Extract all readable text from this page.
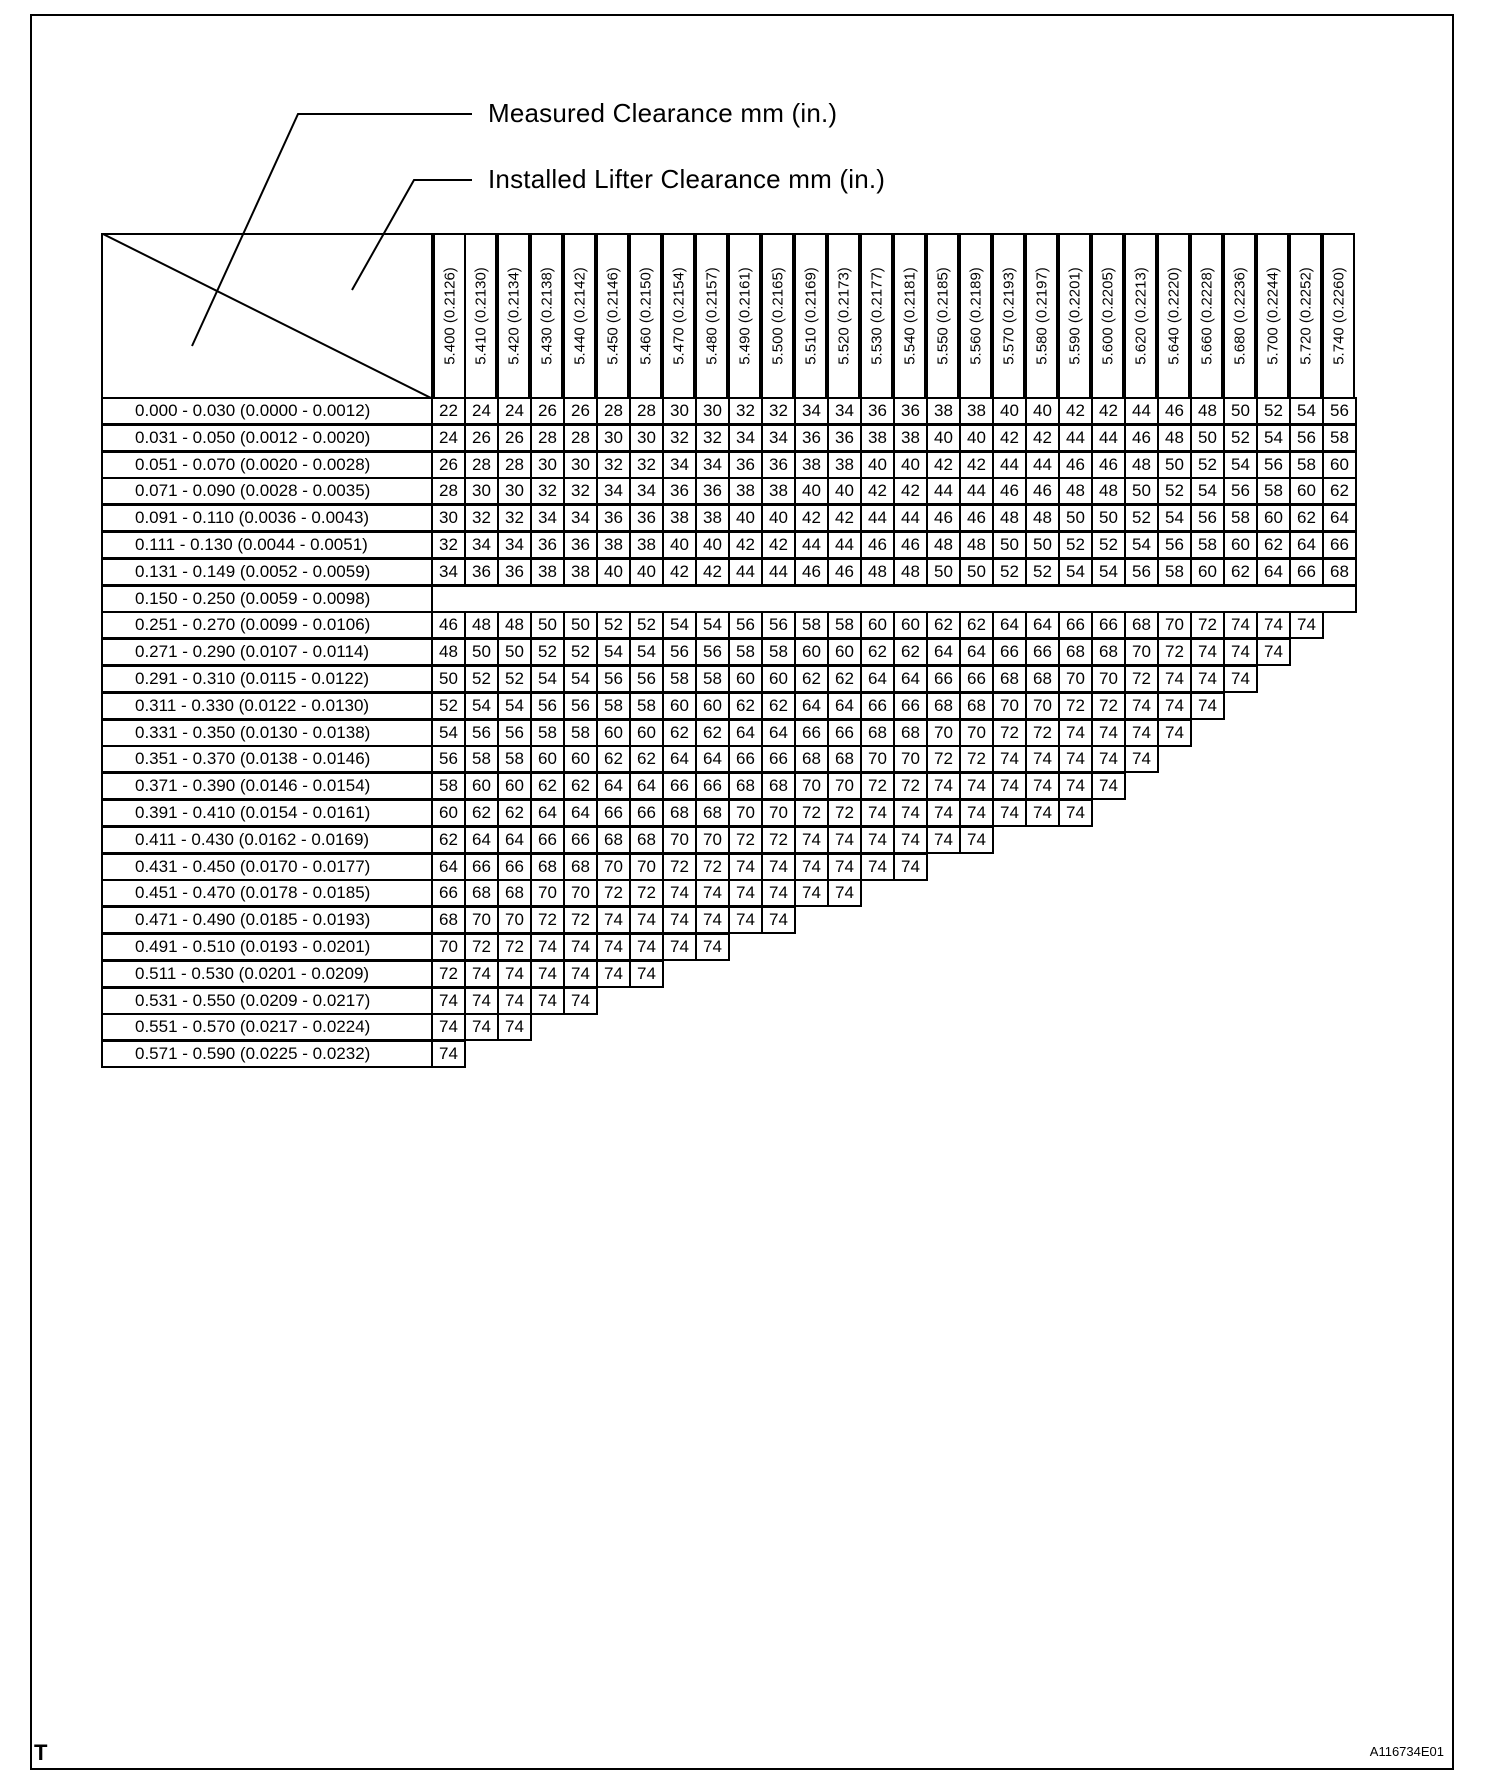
Measured Clearance mm (in.)
Installed Lifter Clearance mm (in.)
5.400 (0.2126) 5.410 (0.2130) 5.420 (0.2134) 5.430 (0.2138) 5.440 (0.2142) 5.450 (0.2146) 5.460 (0.2150) 5.470 (0.2154) 5.480 (0.2157) 5.490 (0.2161) 5.500 (0.2165) 5.510 (0.2169) 5.520 (0.2173) 5.530 (0.2177) 5.540 (0.2181) 5.550 (0.2185) 5.560 (0.2189) 5.570 (0.2193) 5.580 (0.2197) 5.590 (0.2201) 5.600 (0.2205) 5.620 (0.2213) 5.640 (0.2220) 5.660 (0.2228) 5.680 (0.2236) 5.700 (0.2244) 5.720 (0.2252) 5.740 (0.2260)
0.000 - 0.030 (0.0000 - 0.0012)	22 24 24 26 26 28 28 30 30 32 32 34 34 36 36 38 38 40 40 42 42 44 46 48 50 52 54 56
0.031 - 0.050 (0.0012 - 0.0020)	24 26 26 28 28 30 30 32 32 34 34 36 36 38 38 40 40 42 42 44 44 46 48 50 52 54 56 58
0.051 - 0.070 (0.0020 - 0.0028)	26 28 28 30 30 32 32 34 34 36 36 38 38 40 40 42 42 44 44 46 46 48 50 52 54 56 58 60
0.071 - 0.090 (0.0028 - 0.0035)	28 30 30 32 32 34 34 36 36 38 38 40 40 42 42 44 44 46 46 48 48 50 52 54 56 58 60 62
0.091 - 0.110 (0.0036 - 0.0043)	30 32 32 34 34 36 36 38 38 40 40 42 42 44 44 46 46 48 48 50 50 52 54 56 58 60 62 64
0.111 - 0.130 (0.0044 - 0.0051)	32 34 34 36 36 38 38 40 40 42 42 44 44 46 46 48 48 50 50 52 52 54 56 58 60 62 64 66
0.131 - 0.149 (0.0052 - 0.0059)	34 36 36 38 38 40 40 42 42 44 44 46 46 48 48 50 50 52 52 54 54 56 58 60 62 64 66 68
0.150 - 0.250 (0.0059 - 0.0098)
0.251 - 0.270 (0.0099 - 0.0106)	46 48 48 50 50 52 52 54 54 56 56 58 58 60 60 62 62 64 64 66 66 68 70 72 74 74 74
0.271 - 0.290 (0.0107 - 0.0114)	48 50 50 52 52 54 54 56 56 58 58 60 60 62 62 64 64 66 66 68 68 70 72 74 74 74
0.291 - 0.310 (0.0115 - 0.0122)	50 52 52 54 54 56 56 58 58 60 60 62 62 64 64 66 66 68 68 70 70 72 74 74 74
0.311 - 0.330 (0.0122 - 0.0130)	52 54 54 56 56 58 58 60 60 62 62 64 64 66 66 68 68 70 70 72 72 74 74 74
0.331 - 0.350 (0.0130 - 0.0138)	54 56 56 58 58 60 60 62 62 64 64 66 66 68 68 70 70 72 72 74 74 74 74
0.351 - 0.370 (0.0138 - 0.0146)	56 58 58 60 60 62 62 64 64 66 66 68 68 70 70 72 72 74 74 74 74 74
0.371 - 0.390 (0.0146 - 0.0154)	58 60 60 62 62 64 64 66 66 68 68 70 70 72 72 74 74 74 74 74 74
0.391 - 0.410 (0.0154 - 0.0161)	60 62 62 64 64 66 66 68 68 70 70 72 72 74 74 74 74 74 74 74
0.411 - 0.430 (0.0162 - 0.0169)	62 64 64 66 66 68 68 70 70 72 72 74 74 74 74 74 74
0.431 - 0.450 (0.0170 - 0.0177)	64 66 66 68 68 70 70 72 72 74 74 74 74 74 74
0.451 - 0.470 (0.0178 - 0.0185)	66 68 68 70 70 72 72 74 74 74 74 74 74
0.471 - 0.490 (0.0185 - 0.0193)	68 70 70 72 72 74 74 74 74 74 74
0.491 - 0.510 (0.0193 - 0.0201)	70 72 72 74 74 74 74 74 74
0.511 - 0.530 (0.0201 - 0.0209)	72 74 74 74 74 74 74
0.531 - 0.550 (0.0209 - 0.0217)	74 74 74 74 74
0.551 - 0.570 (0.0217 - 0.0224)	74 74 74
0.571 - 0.590 (0.0225 - 0.0232)	74
T	A116734E01
